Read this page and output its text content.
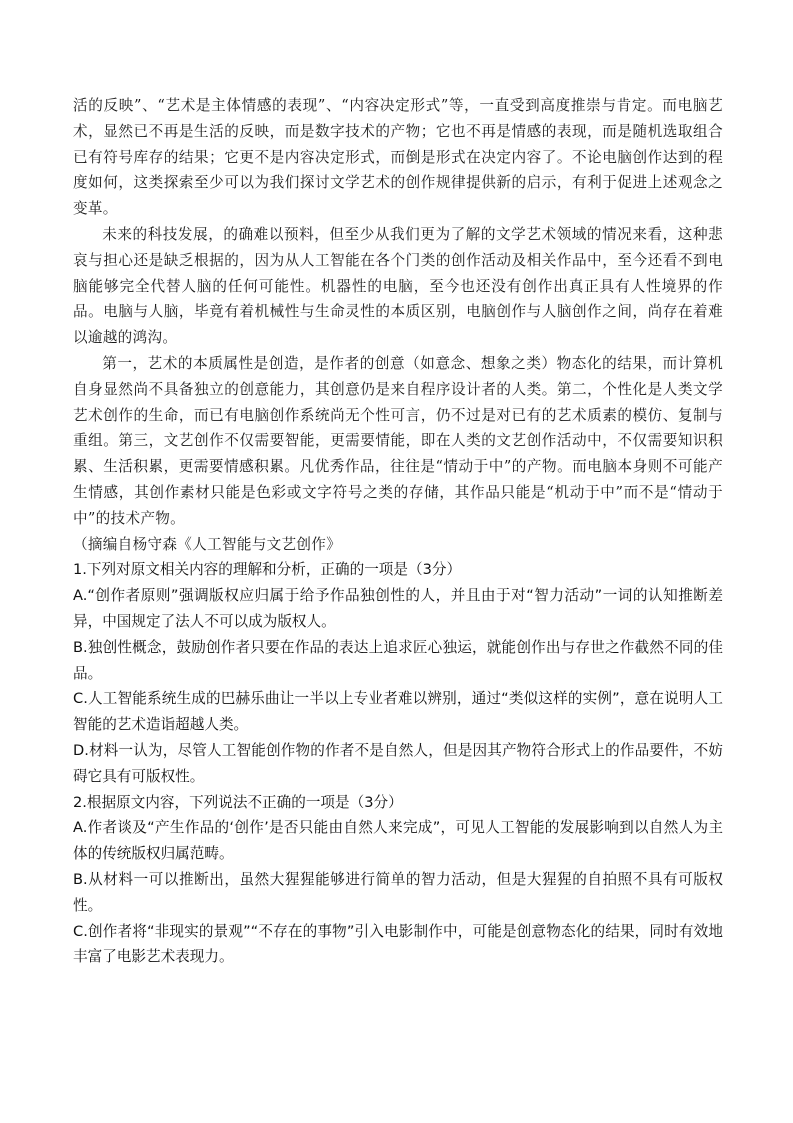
活的反映”、“艺术是主体情感的表现”、“内容决定形式”等，一直受到高度推崇与肯定。而电脑艺术，显然已不再是生活的反映，而是数字技术的产物；它也不再是情感的表现，而是随机选取组合已有符号库存的结果；它更不是内容决定形式，而倒是形式在决定内容了。不论电脑创作达到的程度如何，这类探索至少可以为我们探讨文学艺术的创作规律提供新的启示，有利于促进上述观念之变革。

未来的科技发展，的确难以预料，但至少从我们更为了解的文学艺术领域的情况来看，这种悲哀与担心还是缺乏根据的，因为从人工智能在各个门类的创作活动及相关作品中，至今还看不到电脑能够完全代替人脑的任何可能性。机器性的电脑，至今也还没有创作出真正具有人性境界的作品。电脑与人脑，毕竟有着机械性与生命灵性的本质区别，电脑创作与人脑创作之间，尚存在着难以逾越的鸿沟。

第一，艺术的本质属性是创造，是作者的创意（如意念、想象之类）物态化的结果，而计算机自身显然尚不具备独立的创意能力，其创意仍是来自程序设计者的人类。第二，个性化是人类文学艺术创作的生命，而已有电脑创作系统尚无个性可言，仍不过是对已有的艺术质素的模仿、复制与重组。第三，文艺创作不仅需要智能，更需要情能，即在人类的文艺创作活动中，不仅需要知识积累、生活积累，更需要情感积累。凡优秀作品，往往是“情动于中”的产物。而电脑本身则不可能产生情感，其创作素材只能是色彩或文字符号之类的存储，其作品只能是“机动于中”而不是“情动于中”的技术产物。

（摘编自杨守森《人工智能与文艺创作》

1.下列对原文相关内容的理解和分析，正确的一项是（3分）

A.“创作者原则”强调版权应归属于给予作品独创性的人，并且由于对“智力活动”一词的认知推断差异，中国规定了法人不可以成为版权人。

B.独创性概念，鼓励创作者只要在作品的表达上追求匠心独运，就能创作出与存世之作截然不同的佳品。

C.人工智能系统生成的巴赫乐曲让一半以上专业者难以辨别，通过“类似这样的实例”，意在说明人工智能的艺术造诣超越人类。

D.材料一认为，尽管人工智能创作物的作者不是自然人，但是因其产物符合形式上的作品要件，不妨碍它具有可版权性。

2.根据原文内容，下列说法不正确的一项是（3分）

A.作者谈及“产生作品的‘创作’是否只能由自然人来完成”，可见人工智能的发展影响到以自然人为主体的传统版权归属范畴。

B.从材料一可以推断出，虽然大猩猩能够进行简单的智力活动，但是大猩猩的自拍照不具有可版权性。

C.创作者将“非现实的景观”“不存在的事物”引入电影制作中，可能是创意物态化的结果，同时有效地丰富了电影艺术表现力。
